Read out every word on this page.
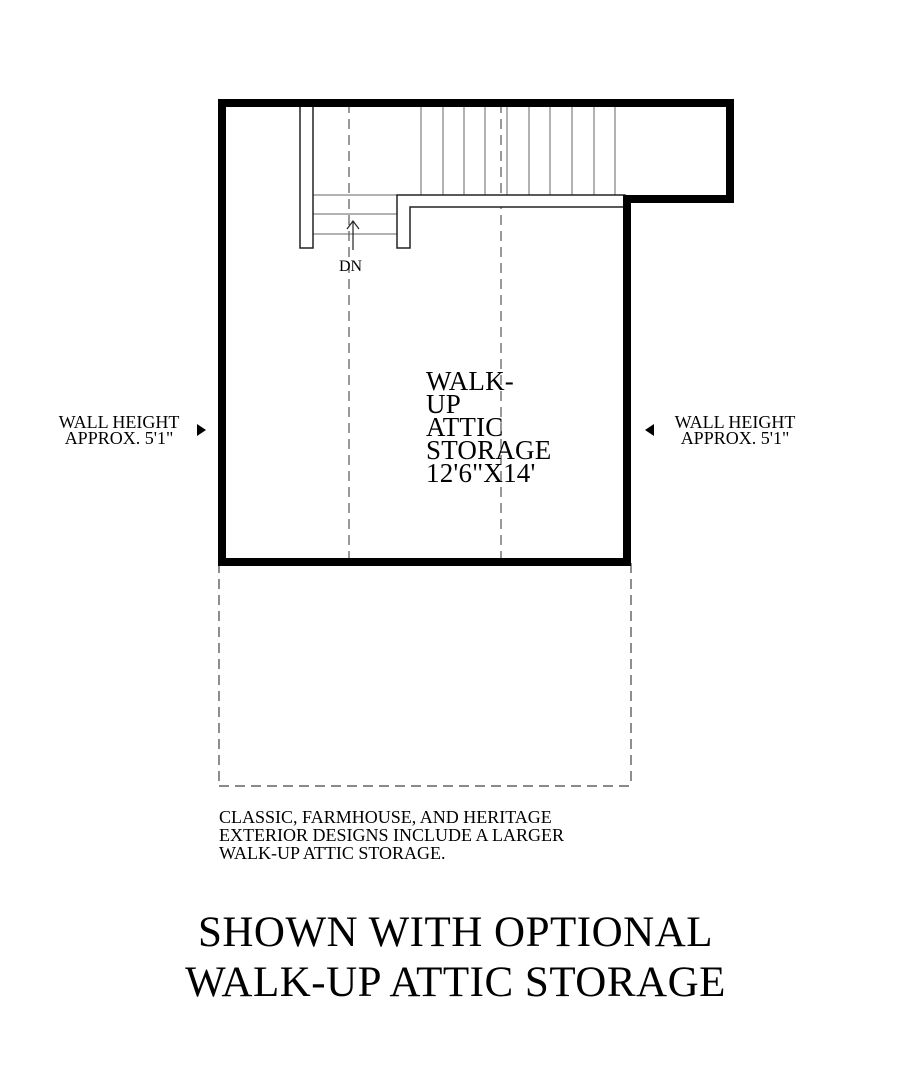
DN
WALK-UP
ATTIC STORAGE
12'6"X14'
WALL HEIGHT
APPROX. 5'1"
WALL HEIGHT
APPROX. 5'1"
CLASSIC, FARMHOUSE, AND HERITAGE
EXTERIOR DESIGNS INCLUDE A LARGER
WALK-UP ATTIC STORAGE.
SHOWN WITH OPTIONAL
WALK-UP ATTIC STORAGE
